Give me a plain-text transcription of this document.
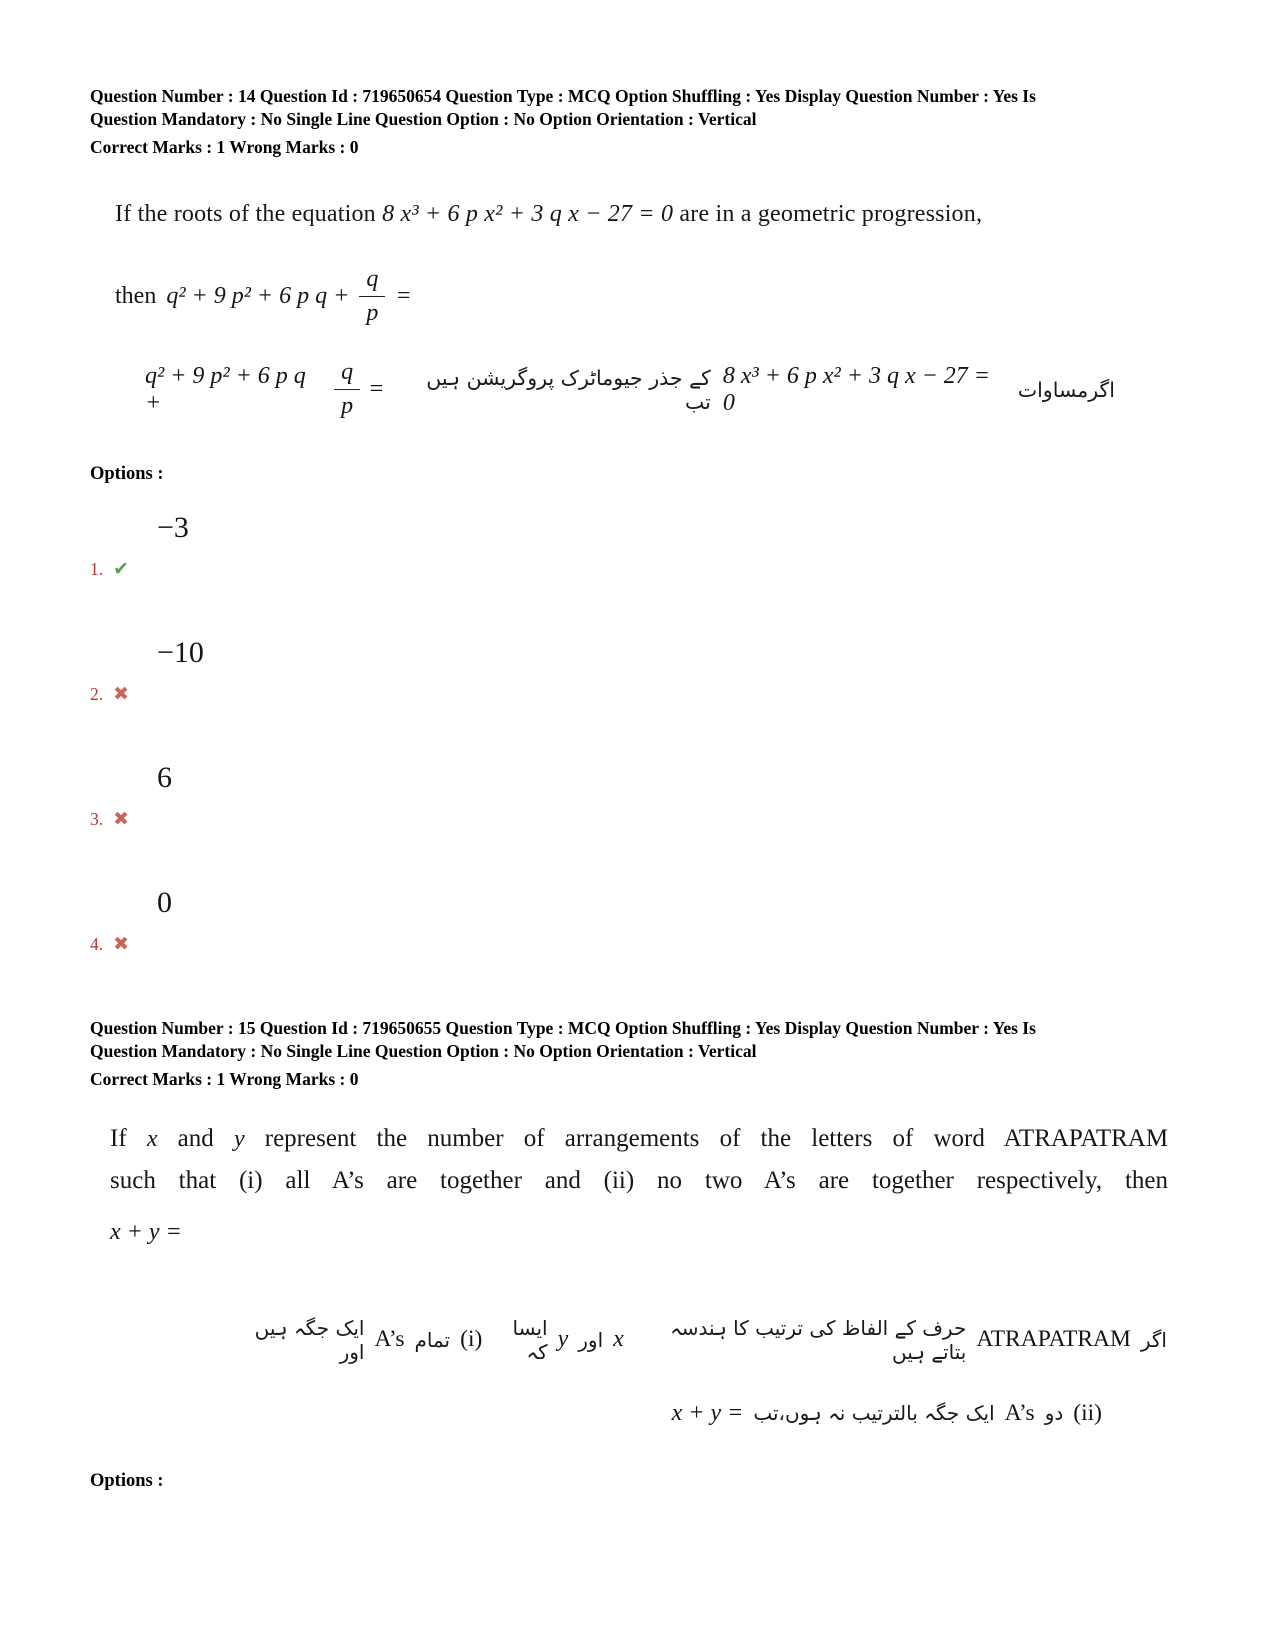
Question Number : 14 Question Id : 719650654 Question Type : MCQ Option Shuffling : Yes Display Question Number : Yes Is
Question Mandatory : No Single Line Question Option : No Option Orientation : Vertical
Correct Marks : 1 Wrong Marks : 0
If the roots of the equation 8 x³ + 6 p x² + 3 q x − 27 = 0 are in a geometric progression,
then q² + 9 p² + 6 p $q + \frac{q}{p}$ =
اگرمساوات
8 x³ + 6 p x² + 3 q x − 27 = 0
کے جذر جیوماٹرک پروگریشن ہیں تب
q² + 9 p² + 6 p q +	$\frac{q}{p}$ =
Options :
−3
1. ✔
−10
2. ✖
6
3. ✖
0
4. ✖
Question Number : 15 Question Id : 719650655 Question Type : MCQ Option Shuffling : Yes Display Question Number : Yes Is
Question Mandatory : No Single Line Question Option : No Option Orientation : Vertical
Correct Marks : 1 Wrong Marks : 0
If x and y represent the number of arrangements of the letters of word ATRAPATRAM
such that (i) all A’s are together and (ii) no two A’s are together respectively, then
x + y =
اگر
ATRAPATRAM
حرف کے الفاظ کی ترتیب کا ہندسہ بتاتے ہیں
x
اور
y
ایسا کہ
(i)
تمام
A’s
ایک جگہ ہیں اور
(ii)
دو
A’s
ایک جگہ بالترتیب نہ ہوں،تب
x + y =
Options :
